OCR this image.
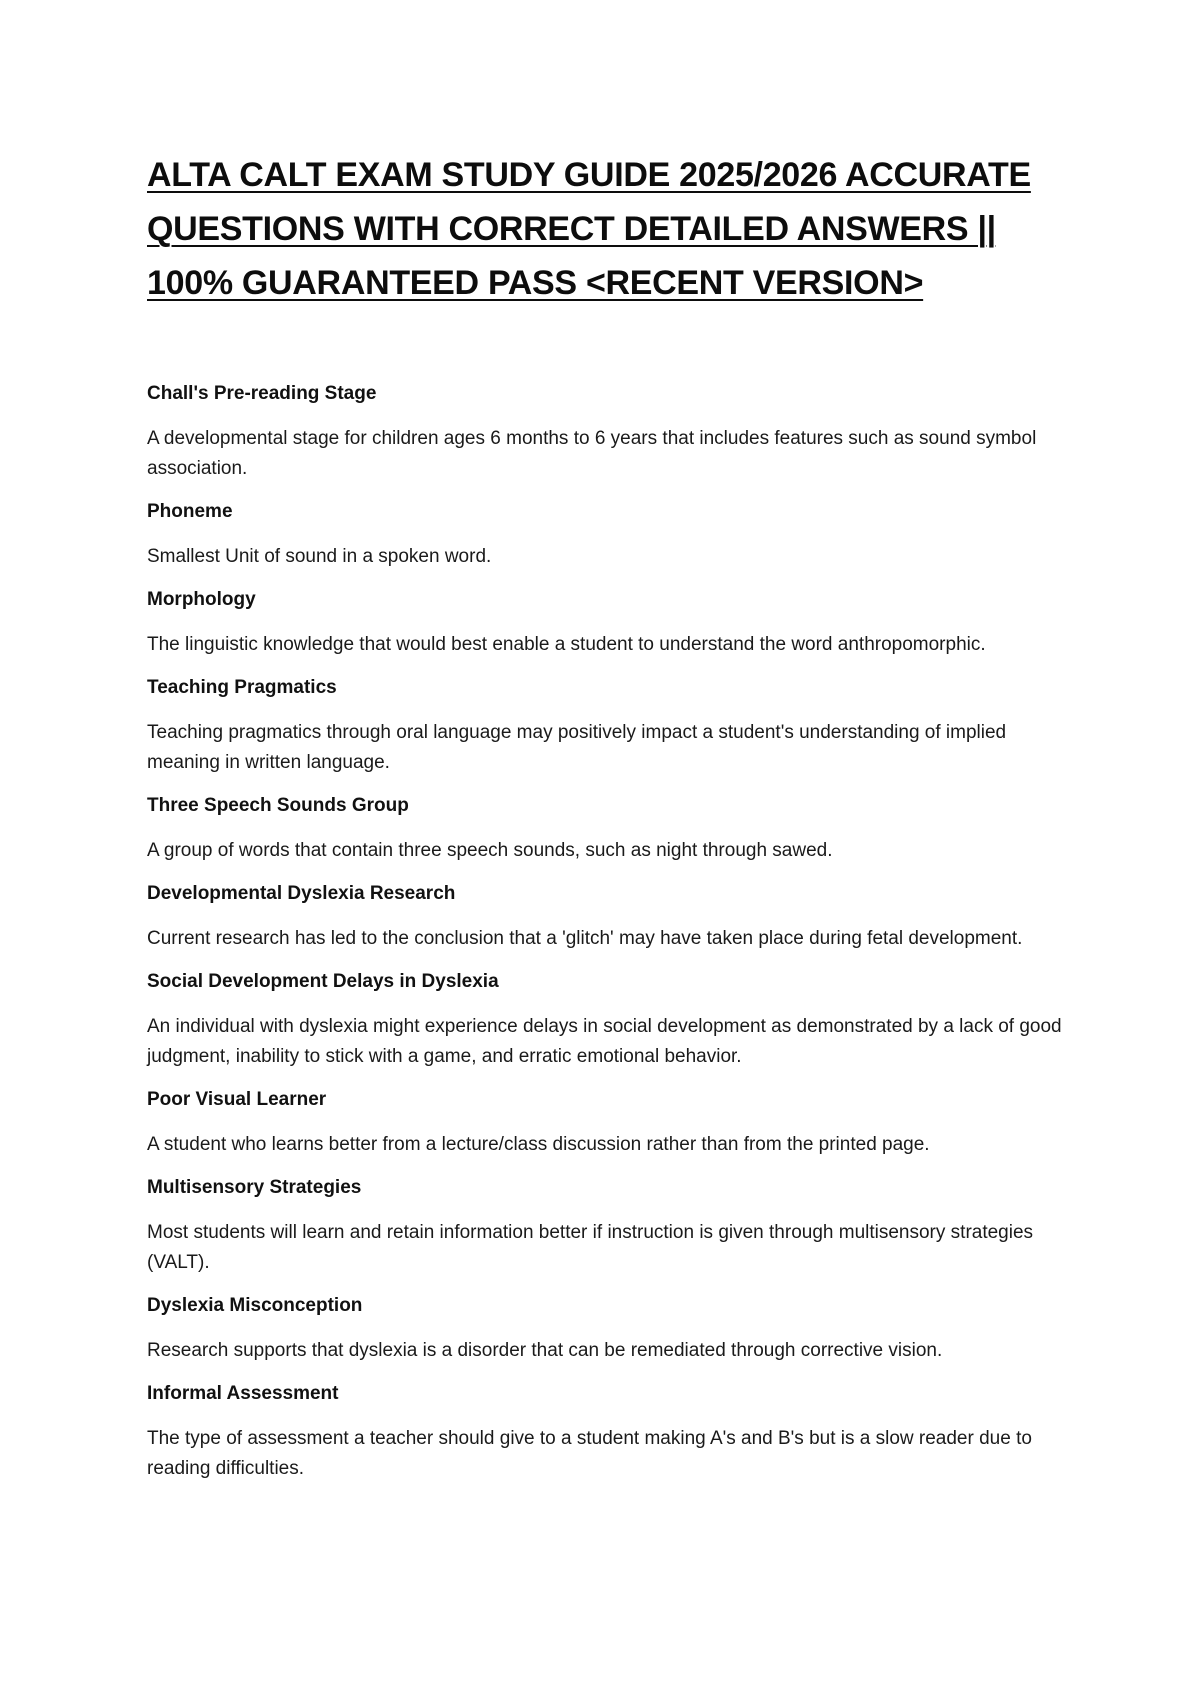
ALTA CALT EXAM STUDY GUIDE 2025/2026 ACCURATE QUESTIONS WITH CORRECT DETAILED ANSWERS || 100% GUARANTEED PASS <RECENT VERSION>

Chall's Pre-reading Stage

A developmental stage for children ages 6 months to 6 years that includes features such as sound symbol association.

Phoneme

Smallest Unit of sound in a spoken word.

Morphology

The linguistic knowledge that would best enable a student to understand the word anthropomorphic.

Teaching Pragmatics

Teaching pragmatics through oral language may positively impact a student's understanding of implied meaning in written language.

Three Speech Sounds Group

A group of words that contain three speech sounds, such as night through sawed.

Developmental Dyslexia Research

Current research has led to the conclusion that a 'glitch' may have taken place during fetal development.

Social Development Delays in Dyslexia

An individual with dyslexia might experience delays in social development as demonstrated by a lack of good judgment, inability to stick with a game, and erratic emotional behavior.

Poor Visual Learner

A student who learns better from a lecture/class discussion rather than from the printed page.

Multisensory Strategies

Most students will learn and retain information better if instruction is given through multisensory strategies (VALT).

Dyslexia Misconception

Research supports that dyslexia is a disorder that can be remediated through corrective vision.

Informal Assessment

The type of assessment a teacher should give to a student making A's and B's but is a slow reader due to reading difficulties.
